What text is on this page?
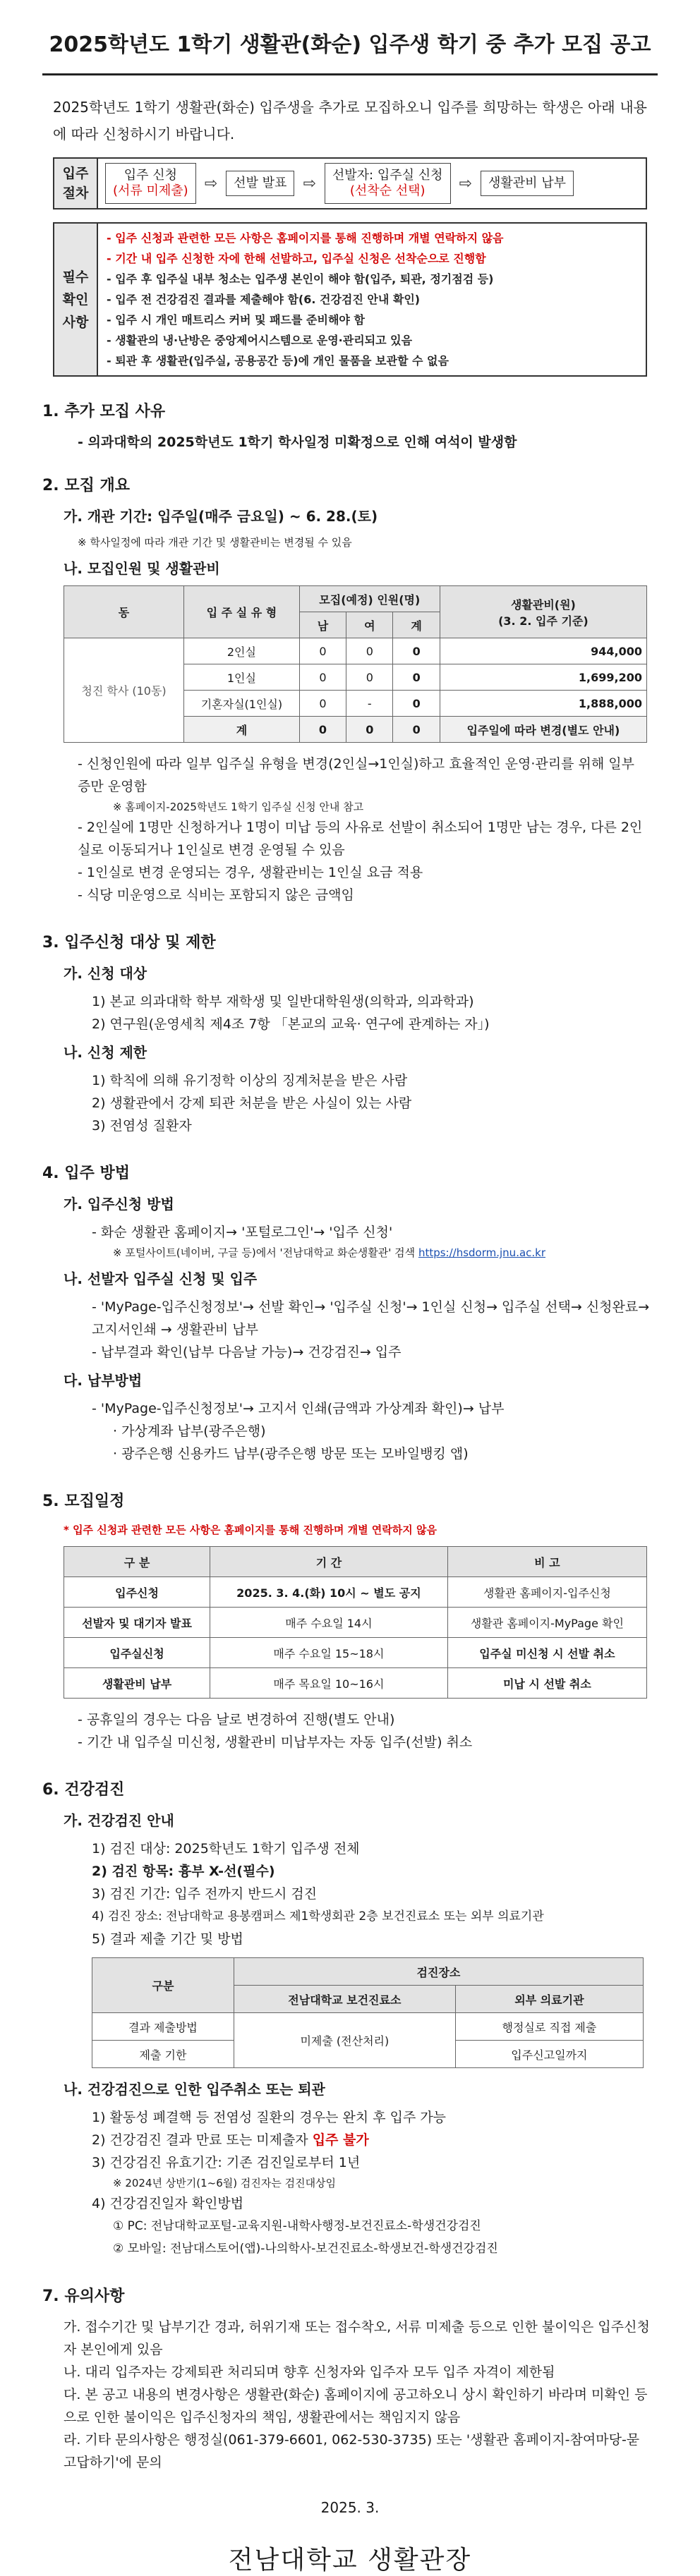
2025학년도 1학기 생활관(화순) 입주생 학기 중 추가 모집 공고
2025학년도 1학기 생활관(화순) 입주생을 추가로 모집하오니 입주를 희망하는 학생은 아래 내용에 따라 신청하시기 바랍니다.
입주 절차
입주 신청
(서류 미제출) ⇨	선발 발표	⇨ 선발자: 입주실 신청
(선착순 선택)	⇨	생활관비 납부
필수 확인 사항
- 입주 신청과 관련한 모든 사항은 홈페이지를 통해 진행하며 개별 연락하지 않음
- 기간 내 입주 신청한 자에 한해 선발하고, 입주실 신청은 선착순으로 진행함
- 입주 후 입주실 내부 청소는 입주생 본인이 해야 함(입주, 퇴관, 정기점검 등)
- 입주 전 건강검진 결과를 제출해야 함(6. 건강검진 안내 확인)
- 입주 시 개인 매트리스 커버 및 패드를 준비해야 함
- 생활관의 냉·난방은 중앙제어시스템으로 운영·관리되고 있음
- 퇴관 후 생활관(입주실, 공용공간 등)에 개인 물품을 보관할 수 없음
1. 추가 모집 사유
- 의과대학의 2025학년도 1학기 학사일정 미확정으로 인해 여석이 발생함
2. 모집 개요
가. 개관 기간: 입주일(매주 금요일) ~ 6. 28.(토)
※ 학사일정에 따라 개관 기간 및 생활관비는 변경될 수 있음
나. 모집인원 및 생활관비
동	입 주 실 유 형	모집(예정) 인원(명)			생활관비(원)
(3. 2. 입주 기준)

		남	여	계	
청진 학사 (10동)	2인실	0	0	0	944,000
	1인실	0	0	0	1,699,200
	기혼자실(1인실)	0	-	0	1,888,000
	계	0	0	0	입주일에 따라 변경(별도 안내)
- 신청인원에 따라 일부 입주실 유형을 변경(2인실→1인실)하고 효율적인 운영·관리를 위해 일부 증만 운영함
※ 홈페이지-2025학년도 1학기 입주실 신청 안내 참고
- 2인실에 1명만 신청하거나 1명이 미납 등의 사유로 선발이 취소되어 1명만 남는 경우, 다른 2인실로 이동되거나 1인실로 변경 운영될 수 있음
- 1인실로 변경 운영되는 경우, 생활관비는 1인실 요금 적용
- 식당 미운영으로 식비는 포함되지 않은 금액임
3. 입주신청 대상 및 제한
가. 신청 대상
1) 본교 의과대학 학부 재학생 및 일반대학원생(의학과, 의과학과)
2) 연구원(운영세칙 제4조 7항 「본교의 교육· 연구에 관계하는 자」)
나. 신청 제한
1) 학칙에 의해 유기정학 이상의 징계처분을 받은 사람
2) 생활관에서 강제 퇴관 처분을 받은 사실이 있는 사람
3) 전염성 질환자
4. 입주 방법
가. 입주신청 방법
- 화순 생활관 홈페이지→ '포털로그인'→ '입주 신청'
※ 포털사이트(네이버, 구글 등)에서 '전남대학교 화순생활관' 검색 https://hsdorm.jnu.ac.kr
나. 선발자 입주실 신청 및 입주
- 'MyPage-입주신청정보'→ 선발 확인→ '입주실 신청'→ 1인실 신청→ 입주실 선택→ 신청완료→ 고지서인쇄 → 생활관비 납부
- 납부결과 확인(납부 다음날 가능)→ 건강검진→ 입주
다. 납부방법
- 'MyPage-입주신청정보'→ 고지서 인쇄(금액과 가상계좌 확인)→ 납부
· 가상계좌 납부(광주은행)
· 광주은행 신용카드 납부(광주은행 방문 또는 모바일뱅킹 앱)
5. 모집일정
* 입주 신청과 관련한 모든 사항은 홈페이지를 통해 진행하며 개별 연락하지 않음
구 분	기 간	비 고
입주신청	2025. 3. 4.(화) 10시 ~ 별도 공지	생활관 홈페이지-입주신청
선발자 및 대기자 발표	매주 수요일 14시	생활관 홈페이지-MyPage 확인
입주실신청	매주 수요일 15~18시	입주실 미신청 시 선발 취소
생활관비 납부	매주 목요일 10~16시	미납 시 선발 취소
- 공휴일의 경우는 다음 날로 변경하여 진행(별도 안내)
- 기간 내 입주실 미신청, 생활관비 미납부자는 자동 입주(선발) 취소
6. 건강검진
가. 건강검진 안내
1) 검진 대상: 2025학년도 1학기 입주생 전체
2) 검진 항목: 흉부 X-선(필수)
3) 검진 기간: 입주 전까지 반드시 검진
4) 검진 장소: 전남대학교 용봉캠퍼스 제1학생회관 2층 보건진료소 또는 외부 의료기관
5) 결과 제출 기간 및 방법
구분	검진장소	
	전남대학교 보건진료소	외부 의료기관
결과 제출방법	미제출 (전산처리)	행정실로 직접 제출
제출 기한		입주신고일까지
나. 건강검진으로 인한 입주취소 또는 퇴관
1) 활동성 폐결핵 등 전염성 질환의 경우는 완치 후 입주 가능
2) 건강검진 결과 만료 또는 미제출자 입주 불가
3) 건강검진 유효기간: 기존 검진일로부터 1년
※ 2024년 상반기(1~6월) 검진자는 검진대상임
4) 건강검진일자 확인방법
① PC: 전남대학교포털-교육지원-내학사행정-보건진료소-학생건강검진
② 모바일: 전남대스토어(앱)-나의학사-보건진료소-학생보건-학생건강검진
7. 유의사항
가. 접수기간 및 납부기간 경과, 허위기재 또는 접수착오, 서류 미제출 등으로 인한 불이익은 입주신청자 본인에게 있음
나. 대리 입주자는 강제퇴관 처리되며 향후 신청자와 입주자 모두 입주 자격이 제한됨
다. 본 공고 내용의 변경사항은 생활관(화순) 홈페이지에 공고하오니 상시 확인하기 바라며 미확인 등으로 인한 불이익은 입주신청자의 책임, 생활관에서는 책임지지 않음
라. 기타 문의사항은 행정실(061-379-6601, 062-530-3735) 또는 '생활관 홈페이지-참여마당-묻고답하기'에 문의
2025. 3.
전남대학교 생활관장
